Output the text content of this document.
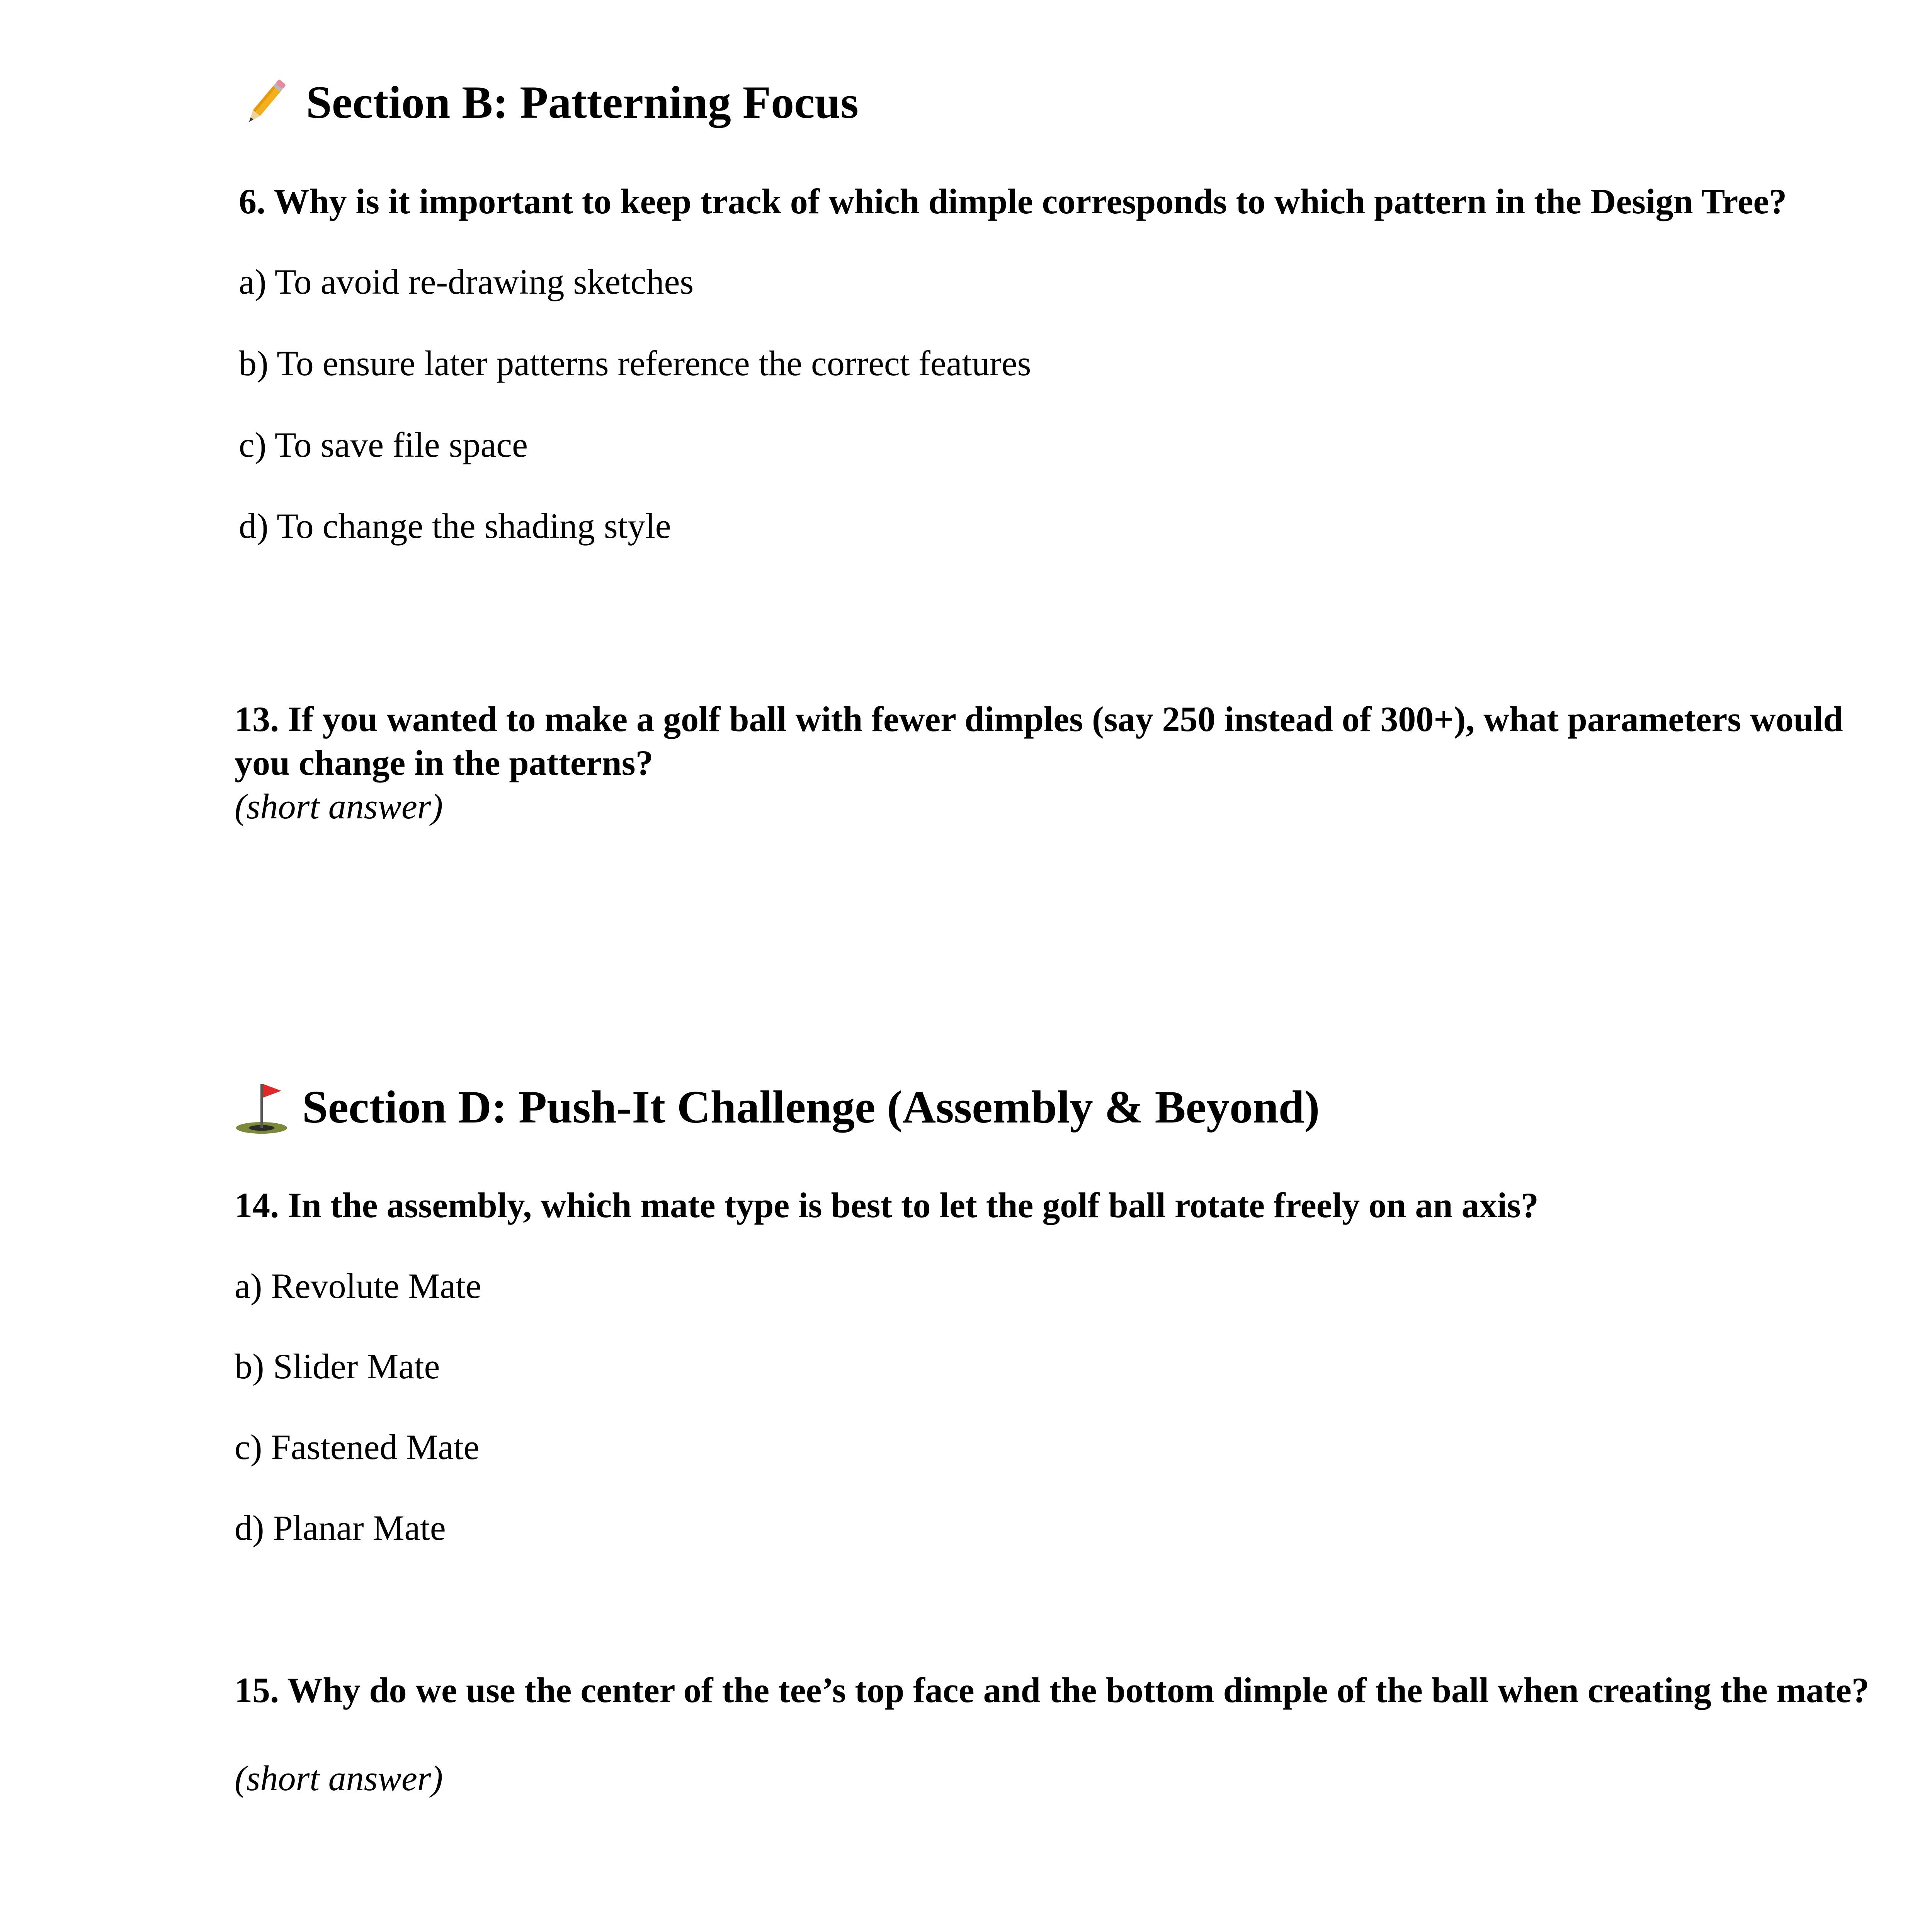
Section B: Patterning Focus
6. Why is it important to keep track of which dimple corresponds to which pattern in the Design Tree?
a) To avoid re-drawing sketches
b) To ensure later patterns reference the correct features
c) To save file space
d) To change the shading style
13. If you wanted to make a golf ball with fewer dimples (say 250 instead of 300+), what parameters would you change in the patterns?
(short answer)
Section D: Push-It Challenge (Assembly & Beyond)
14. In the assembly, which mate type is best to let the golf ball rotate freely on an axis?
a) Revolute Mate
b) Slider Mate
c) Fastened Mate
d) Planar Mate
15. Why do we use the center of the tee’s top face and the bottom dimple of the ball when creating the mate?
(short answer)
